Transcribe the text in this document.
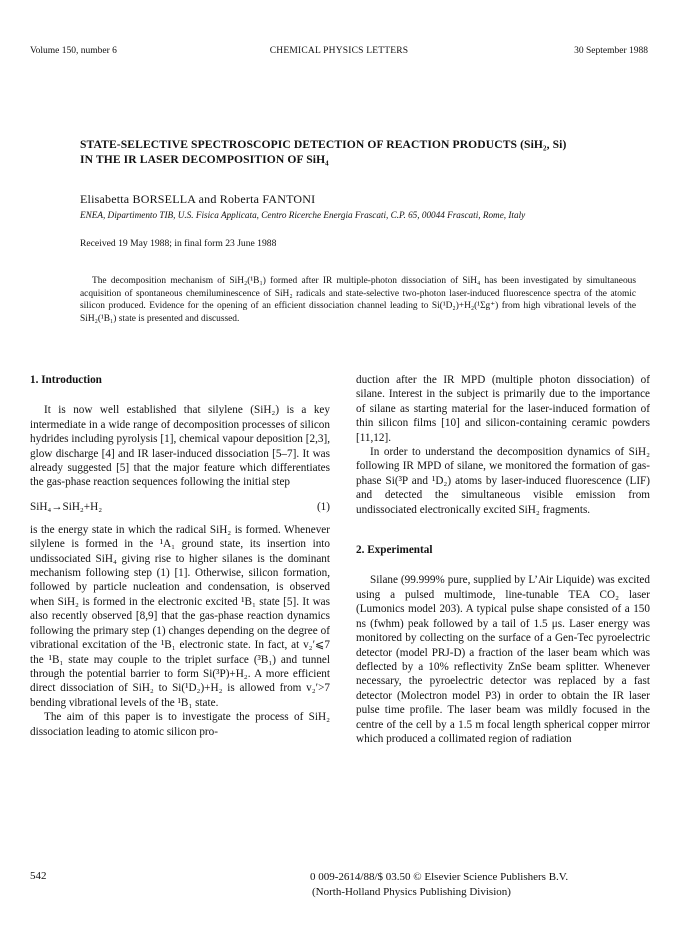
Volume 150, number 6	CHEMICAL PHYSICS LETTERS	30 September 1988
STATE-SELECTIVE SPECTROSCOPIC DETECTION OF REACTION PRODUCTS (SiH₂, Si)
IN THE IR LASER DECOMPOSITION OF SiH₄
Elisabetta BORSELLA and Roberta FANTONI
ENEA, Dipartimento TIB, U.S. Fisica Applicata, Centro Ricerche Energia Frascati, C.P. 65, 00044 Frascati, Rome, Italy
Received 19 May 1988; in final form 23 June 1988

The decomposition mechanism of SiH₂(¹B₁) formed after IR multiple-photon dissociation of SiH₄ has been investigated by simultaneous acquisition of spontaneous chemiluminescence of SiH₂ radicals and state-selective two-photon laser-induced fluorescence spectra of the atomic silicon produced. Evidence for the opening of an efficient dissociation channel leading to Si(¹D₂)+H₂(¹Σg⁺) from high vibrational levels of the SiH₂(¹B₁) state is presented and discussed.

1. Introduction

It is now well established that silylene (SiH₂) is a key intermediate in a wide range of decomposition processes of silicon hydrides including pyrolysis [1], chemical vapour deposition [2,3], glow discharge [4] and IR laser-induced dissociation [5–7]. It was already suggested [5] that the major feature which differentiates the gas-phase reaction sequences following the initial step

SiH₄→SiH₂+H₂	(1)

is the energy state in which the radical SiH₂ is formed. Whenever silylene is formed in the ¹A₁ ground state, its insertion into undissociated SiH₄ giving rise to higher silanes is the dominant mechanism following step (1) [1]. Otherwise, silicon formation, followed by particle nucleation and condensation, is observed when SiH₂ is formed in the electronic excited ¹B₁ state [5]. It was also recently observed [8,9] that the gas-phase reaction dynamics following the primary step (1) changes depending on the degree of vibrational excitation of the ¹B₁ electronic state. In fact, at v₂′⩽7 the ¹B₁ state may couple to the triplet surface (³B₁) and tunnel through the potential barrier to form Si(³P)+H₂. A more efficient direct dissociation of SiH₂ to Si(¹D₂)+H₂ is allowed from v₂′>7 bending vibrational levels of the ¹B₁ state.

The aim of this paper is to investigate the process of SiH₂ dissociation leading to atomic silicon pro-

duction after the IR MPD (multiple photon dissociation) of silane. Interest in the subject is primarily due to the importance of silane as starting material for the laser-induced formation of thin silicon films [10] and silicon-containing ceramic powders [11,12].

In order to understand the decomposition dynamics of SiH₂ following IR MPD of silane, we monitored the formation of gas-phase Si(³P and ¹D₂) atoms by laser-induced fluorescence (LIF) and detected the simultaneous visible emission from undissociated electronically excited SiH₂ fragments.

2. Experimental

Silane (99.999% pure, supplied by L’Air Liquide) was excited using a pulsed multimode, line-tunable TEA CO₂ laser (Lumonics model 203). A typical pulse shape consisted of a 150 ns (fwhm) peak followed by a tail of 1.5 μs. Laser energy was monitored by collecting on the surface of a Gen-Tec pyroelectric detector (model PRJ-D) a fraction of the laser beam which was deflected by a 10% reflectivity ZnSe beam splitter. Whenever necessary, the pyroelectric detector was replaced by a fast detector (Molectron model P3) in order to obtain the IR laser pulse time profile. The laser beam was mildly focused in the centre of the cell by a 1.5 m focal length spherical copper mirror which produced a collimated region of radiation

542	0 009-2614/88/$ 03.50 © Elsevier Science Publishers B.V.
(North-Holland Physics Publishing Division)
